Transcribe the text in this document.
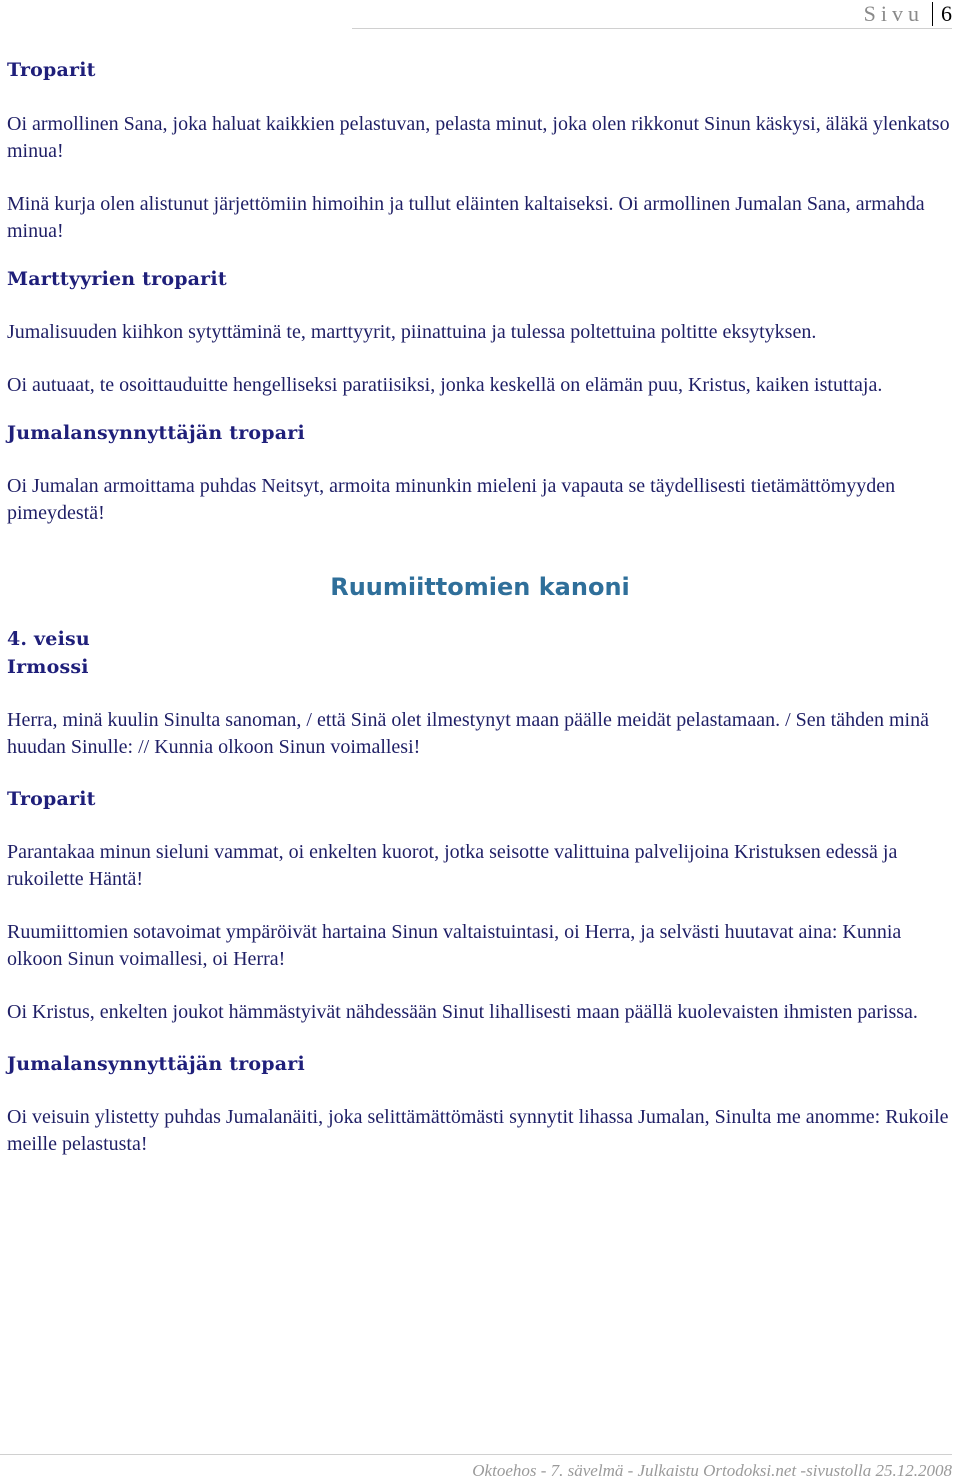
Sivu 6
Troparit

Oi armollinen Sana, joka haluat kaikkien pelastuvan, pelasta minut, joka olen rikkonut Sinun käskysi, äläkä ylenkatso minua!

Minä kurja olen alistunut järjettömiin himoihin ja tullut eläinten kaltaiseksi. Oi armollinen Jumalan Sana, armahda minua!

Marttyyrien troparit

Jumalisuuden kiihkon sytyttäminä te, marttyyrit, piinattuina ja tulessa poltettuina poltitte eksytyksen.

Oi autuaat, te osoittauduitte hengelliseksi paratiisiksi, jonka keskellä on elämän puu, Kristus, kaiken istuttaja.

Jumalansynnyttäjän tropari

Oi Jumalan armoittama puhdas Neitsyt, armoita minunkin mieleni ja vapauta se täydellisesti tietämättömyyden pimeydestä!

Ruumiittomien kanoni
4. veisu
Irmossi

Herra, minä kuulin Sinulta sanoman, / että Sinä olet ilmestynyt maan päälle meidät pelastamaan. / Sen tähden minä huudan Sinulle: // Kunnia olkoon Sinun voimallesi!

Troparit

Parantakaa minun sieluni vammat, oi enkelten kuorot, jotka seisotte valittuina palvelijoina Kristuksen edessä ja rukoilette Häntä!

Ruumiittomien sotavoimat ympäröivät hartaina Sinun valtaistuintasi, oi Herra, ja selvästi huutavat aina: Kunnia olkoon Sinun voimallesi, oi Herra!

Oi Kristus, enkelten joukot hämmästyivät nähdessään Sinut lihallisesti maan päällä kuolevaisten ihmisten parissa.

Jumalansynnyttäjän tropari

Oi veisuin ylistetty puhdas Jumalanäiti, joka selittämättömästi synnytit lihassa Jumalan, Sinulta me anomme: Rukoile meille pelastusta!

Oktoehos - 7. sävelmä - Julkaistu Ortodoksi.net -sivustolla 25.12.2008
